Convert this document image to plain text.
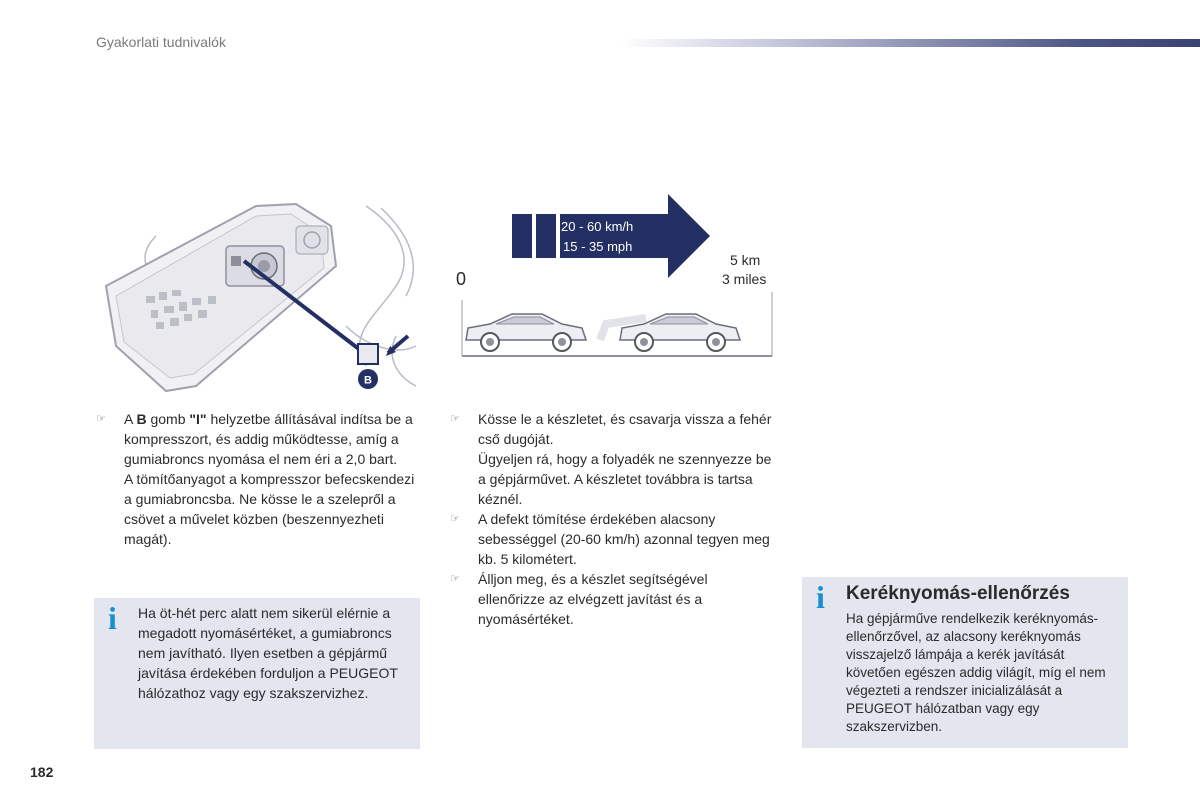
Gyakorlati tudnivalók
B
20 - 60 km/h
15 - 35 mph
0
5 km
3 miles
☞ A B gomb "I" helyzetbe állításával indítsa be a kompresszort, és addig működtesse, amíg a gumiabroncs nyomása el nem éri a 2,0 bart.
A tömítőanyagot a kompresszor befecskendezi a gumiabroncsba. Ne kösse le a szelepről a csövet a művelet közben (beszennyezheti magát).
i Ha öt-hét perc alatt nem sikerül elérnie a megadott nyomásértéket, a gumiabroncs nem javítható. Ilyen esetben a gépjármű javítása érdekében forduljon a PEUGEOT hálózathoz vagy egy szakszervizhez.
☞ Kösse le a készletet, és csavarja vissza a fehér cső dugóját.
Ügyeljen rá, hogy a folyadék ne szennyezze be a gépjárművet. A készletet továbbra is tartsa kéznél.
☞ A defekt tömítése érdekében alacsony sebességgel (20-60 km/h) azonnal tegyen meg kb. 5 kilométert.
☞ Álljon meg, és a készlet segítségével ellenőrizze az elvégzett javítást és a nyomásértéket.
i Keréknyomás-ellenőrzés
Ha gépjárműve rendelkezik keréknyomás-ellenőrzővel, az alacsony keréknyomás visszajelző lámpája a kerék javítását követően egészen addig világít, míg el nem végezteti a rendszer inicializálását a PEUGEOT hálózatban vagy egy szakszervizben.
182
